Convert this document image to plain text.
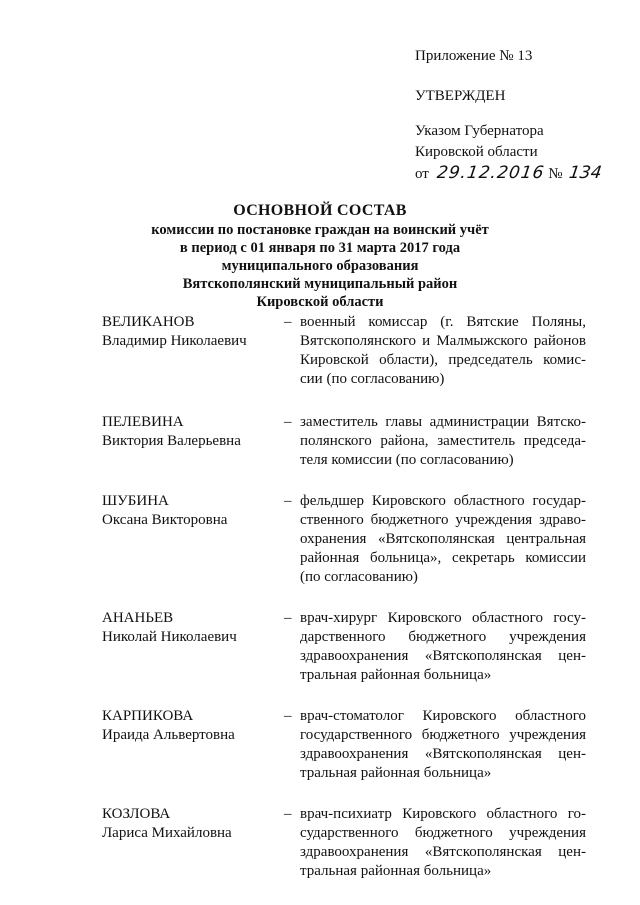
Приложение № 13
УТВЕРЖДЕН
Указом Губернатора
Кировской области
от 29.12.2016 № 134
ОСНОВНОЙ СОСТАВ
комиссии по постановке граждан на воинский учёт
в период с 01 января по 31 марта 2017 года
муниципального образования
Вятскополянский муниципальный район
Кировской области
ВЕЛИКАНОВ
Владимир Николаевич
– военный комиссар (г. Вятские Поляны,
Вятскополянского и Малмыжского районов
Кировской области), председатель комис-
сии (по согласованию)
ПЕЛЕВИНА
Виктория Валерьевна
– заместитель главы администрации Вятско-
полянского района, заместитель председа-
теля комиссии (по согласованию)
ШУБИНА
Оксана Викторовна
– фельдшер Кировского областного государ-
ственного бюджетного учреждения здраво-
охранения «Вятскополянская центральная
районная больница», секретарь комиссии
(по согласованию)
АНАНЬЕВ
Николай Николаевич
– врач-хирург Кировского областного госу-
дарственного бюджетного учреждения
здравоохранения «Вятскополянская цен-
тральная районная больница»
КАРПИКОВА
Ираида Альвертовна
– врач-стоматолог Кировского областного
государственного бюджетного учреждения
здравоохранения «Вятскополянская цен-
тральная районная больница»
КОЗЛОВА
Лариса Михайловна
– врач-психиатр Кировского областного го-
сударственного бюджетного учреждения
здравоохранения «Вятскополянская цен-
тральная районная больница»
